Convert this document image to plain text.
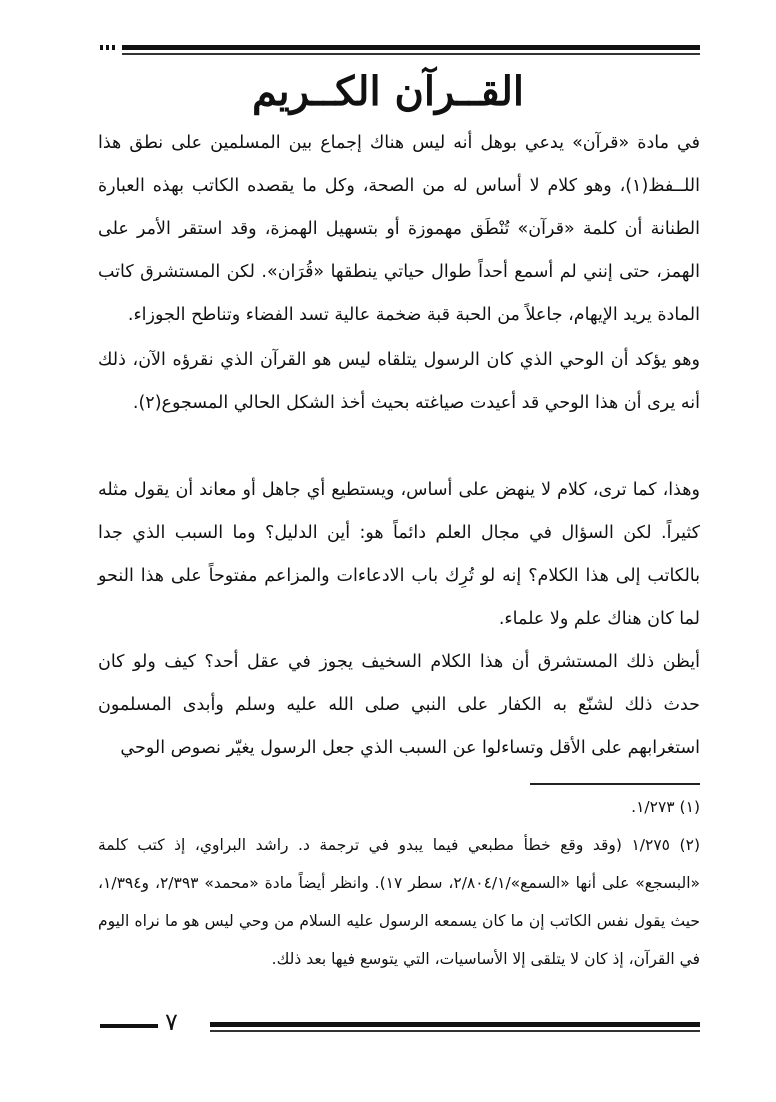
القــرآن الكــريم

في مادة «قرآن» يدعي بوهل أنه ليس هناك إجماع بين المسلمين على نطق هذا اللــفظ(١)، وهو كلام لا أساس له من الصحة، وكل ما يقصده الكاتب بهذه العبارة الطنانة أن كلمة «قرآن» تُنْطَق مهموزة أو بتسهيل الهمزة، وقد استقر الأمر على الهمز، حتى إنني لم أسمع أحداً طوال حياتي ينطقها «قُرَان». لكن المستشرق كاتب المادة يريد الإيهام، جاعلاً من الحبة قبة ضخمة عالية تسد الفضاء وتناطح الجوزاء.

وهو يؤكد أن الوحي الذي كان الرسول يتلقاه ليس هو القرآن الذي نقرؤه الآن، ذلك أنه يرى أن هذا الوحي قد أعيدت صياغته بحيث أخذ الشكل الحالي المسجوع(٢).

وهذا، كما ترى، كلام لا ينهض على أساس، ويستطيع أي جاهل أو معاند أن يقول مثله كثيراً. لكن السؤال في مجال العلم دائماً هو: أين الدليل؟ وما السبب الذي جدا بالكاتب إلى هذا الكلام؟ إنه لو تُرِك باب الادعاءات والمزاعم مفتوحاً على هذا النحو لما كان هناك علم ولا علماء.

أيظن ذلك المستشرق أن هذا الكلام السخيف يجوز في عقل أحد؟ كيف ولو كان حدث ذلك لشنّع به الكفار على النبي صلى الله عليه وسلم وأبدى المسلمون استغرابهم على الأقل وتساءلوا عن السبب الذي جعل الرسول يغيّر نصوص الوحي

(١) ١/٢٧٣.
(٢) ١/٢٧٥ (وقد وقع خطأ مطبعي فيما يبدو في ترجمة د. راشد البراوي، إذ كتب كلمة «البسجع» على أنها «السمع»/٢/٨٠٤/١، سطر ١٧). وانظر أيضاً مادة «محمد» ٢/٣٩٣، و١/٣٩٤، حيث يقول نفس الكاتب إن ما كان يسمعه الرسول عليه السلام من وحي ليس هو ما نراه اليوم في القرآن، إذ كان لا يتلقى إلا الأساسيات، التي يتوسع فيها بعد ذلك.
٧
